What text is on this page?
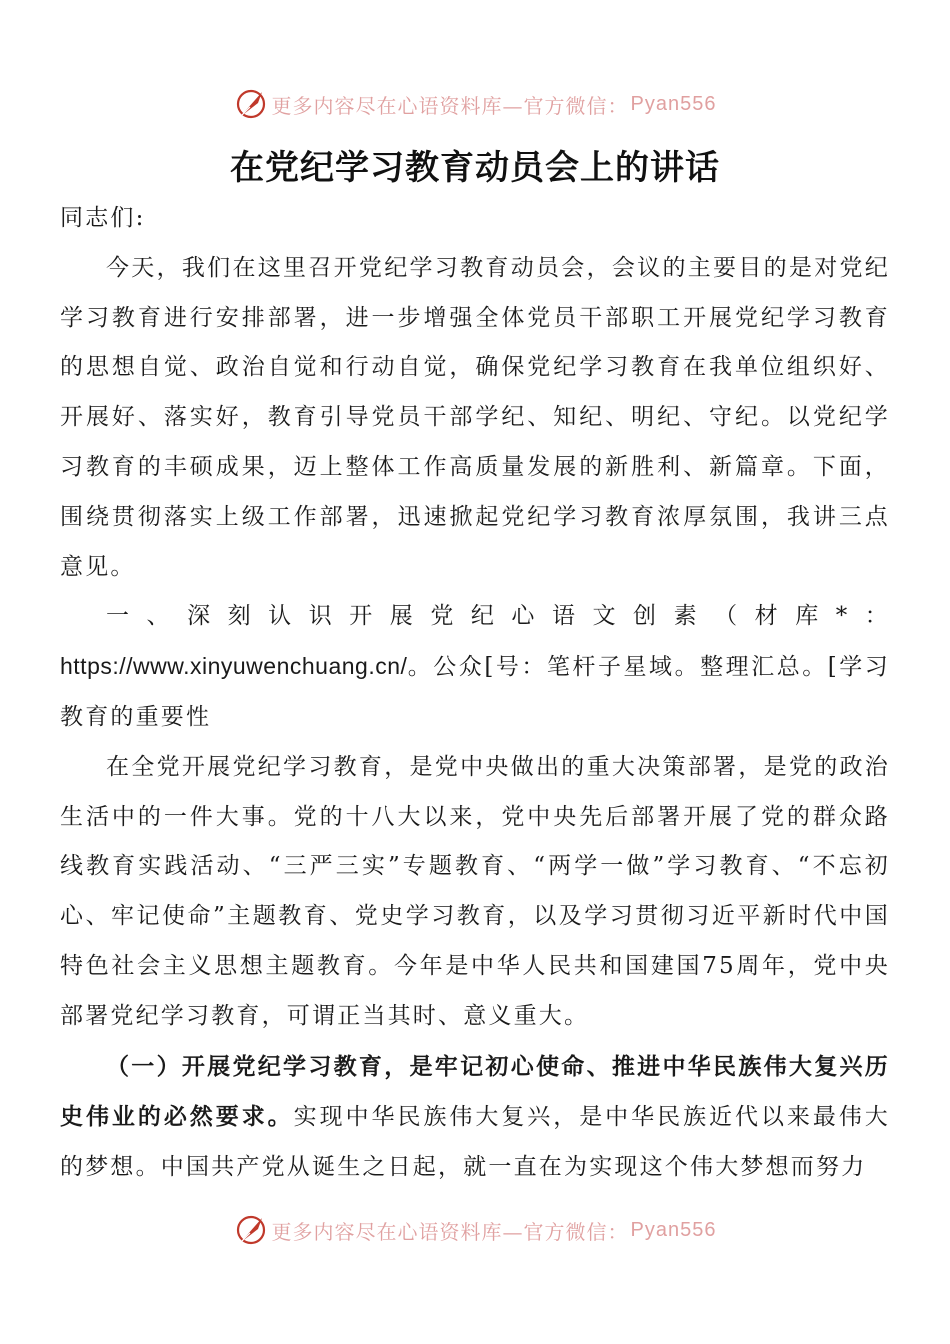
更多内容尽在心语资料库—官方微信： Pyan556
在党纪学习教育动员会上的讲话

同志们:

今天，我们在这里召开党纪学习教育动员会，会议的主要目的是对党纪学习教育进行安排部署，进一步增强全体党员干部职工开展党纪学习教育的思想自觉、政治自觉和行动自觉，确保党纪学习教育在我单位组织好、开展好、落实好，教育引导党员干部学纪、知纪、明纪、守纪。以党纪学习教育的丰硕成果，迈上整体工作高质量发展的新胜利、新篇章。下面，围绕贯彻落实上级工作部署，迅速掀起党纪学习教育浓厚氛围，我讲三点意见。

一、深刻认识开展党纪心语文创素（材库*：https://www.xinyuwenchuang.cn/。公众[号：笔杆子星域。整理汇总。[学习教育的重要性

在全党开展党纪学习教育，是党中央做出的重大决策部署，是党的政治生活中的一件大事。党的十八大以来，党中央先后部署开展了党的群众路线教育实践活动、“三严三实”专题教育、“两学一做”学习教育、“不忘初心、牢记使命”主题教育、党史学习教育，以及学习贯彻习近平新时代中国特色社会主义思想主题教育。今年是中华人民共和国建国75周年，党中央部署党纪学习教育，可谓正当其时、意义重大。

（一）开展党纪学习教育，是牢记初心使命、推进中华民族伟大复兴历史伟业的必然要求。实现中华民族伟大复兴，是中华民族近代以来最伟大的梦想。中国共产党从诞生之日起，就一直在为实现这个伟大梦想而努力

更多内容尽在心语资料库—官方微信： Pyan556
